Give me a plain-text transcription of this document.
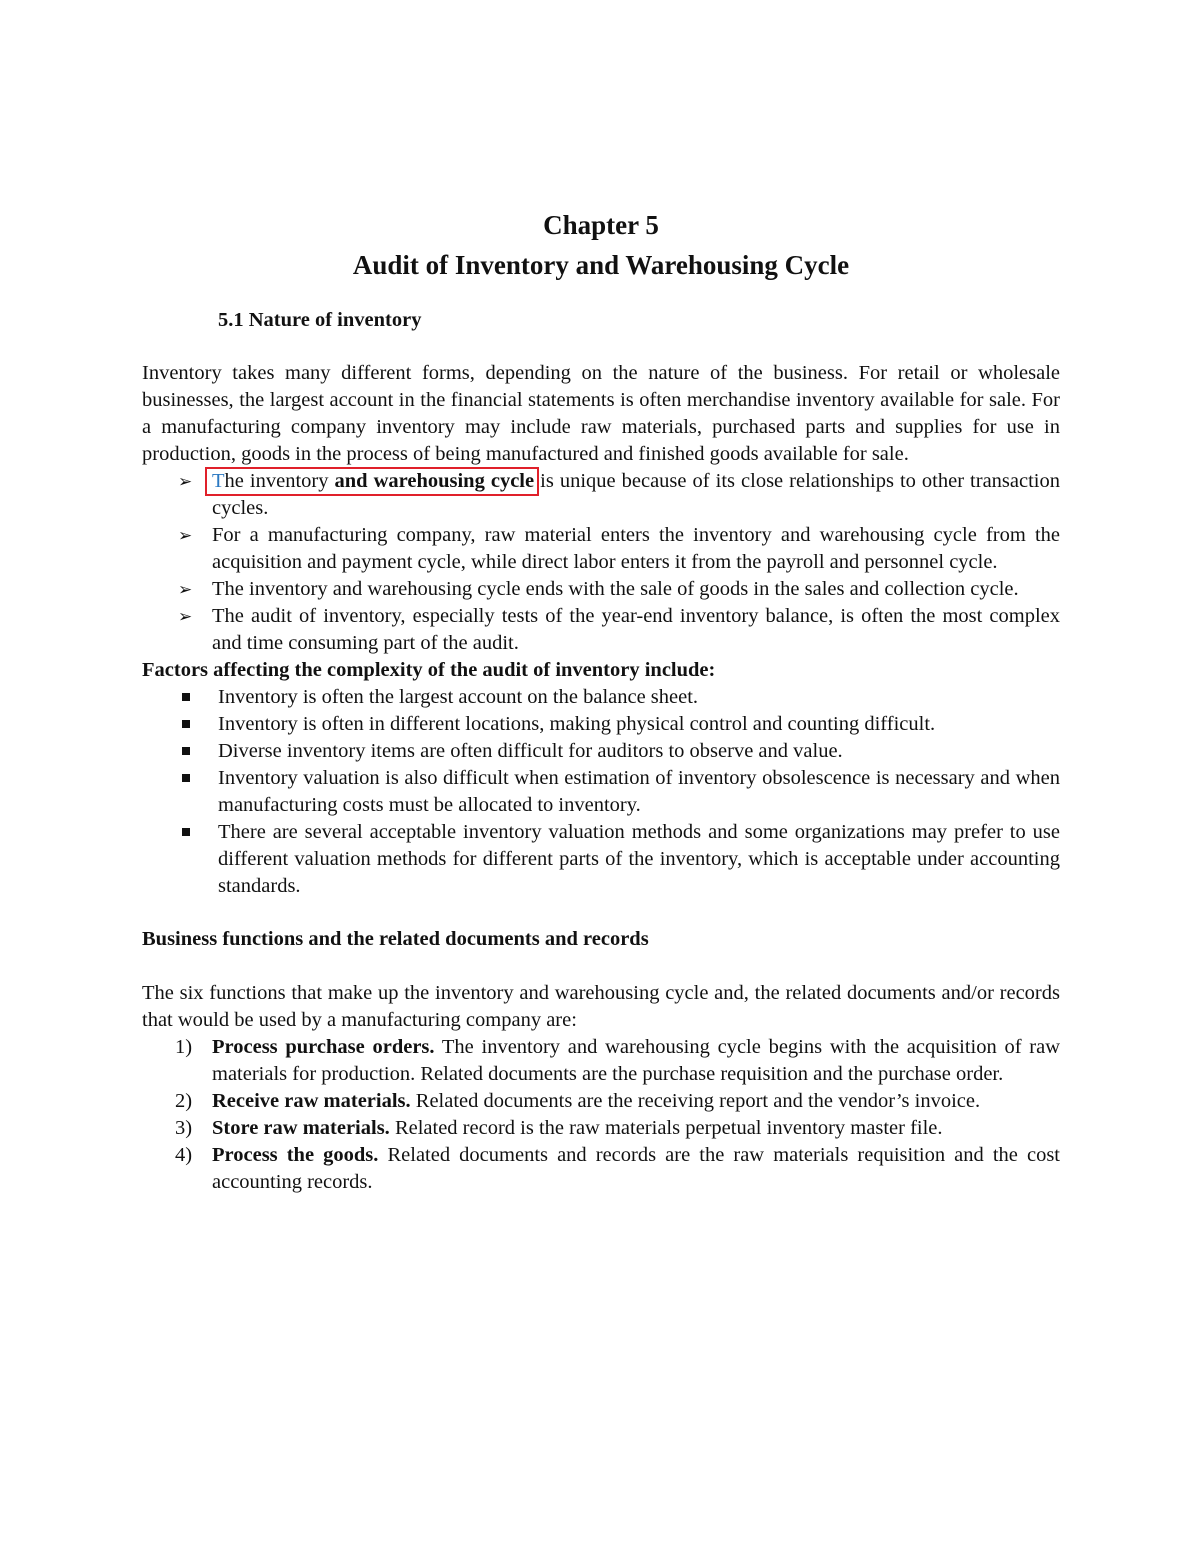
Chapter 5
Audit of Inventory and Warehousing Cycle
5.1 Nature of inventory

Inventory takes many different forms, depending on the nature of the business. For retail or wholesale businesses, the largest account in the financial statements is often merchandise inventory available for sale. For a manufacturing company inventory may include raw materials, purchased parts and supplies for use in production, goods in the process of being manufactured and finished goods available for sale.

➢ The inventory and warehousing cycle
is unique because of its close relationships to other transaction cycles.
➢ For a manufacturing company, raw material enters the inventory and warehousing cycle from the acquisition and payment cycle, while direct labor enters it from the payroll and personnel cycle.
➢ The inventory and warehousing cycle ends with the sale of goods in the sales and collection cycle.
➢ The audit of inventory, especially tests of the year-end inventory balance, is often the most complex and time consuming part of the audit.

Factors affecting the complexity of the audit of inventory include:

Inventory is often the largest account on the balance sheet.
Inventory is often in different locations, making physical control and counting difficult.
Diverse inventory items are often difficult for auditors to observe and value.
Inventory valuation is also difficult when estimation of inventory obsolescence is necessary and when manufacturing costs must be allocated to inventory.
There are several acceptable inventory valuation methods and some organizations may prefer to use different valuation methods for different parts of the inventory, which is acceptable under accounting standards.

Business functions and the related documents and records

The six functions that make up the inventory and warehousing cycle and, the related documents and/or records that would be used by a manufacturing company are:

1) Process purchase orders. The inventory and warehousing cycle begins with the acquisition of raw materials for production. Related documents are the purchase requisition and the purchase order.
2) Receive raw materials. Related documents are the receiving report and the vendor’s invoice.
3) Store raw materials. Related record is the raw materials perpetual inventory master file.
4) Process the goods. Related documents and records are the raw materials requisition and the cost accounting records.
